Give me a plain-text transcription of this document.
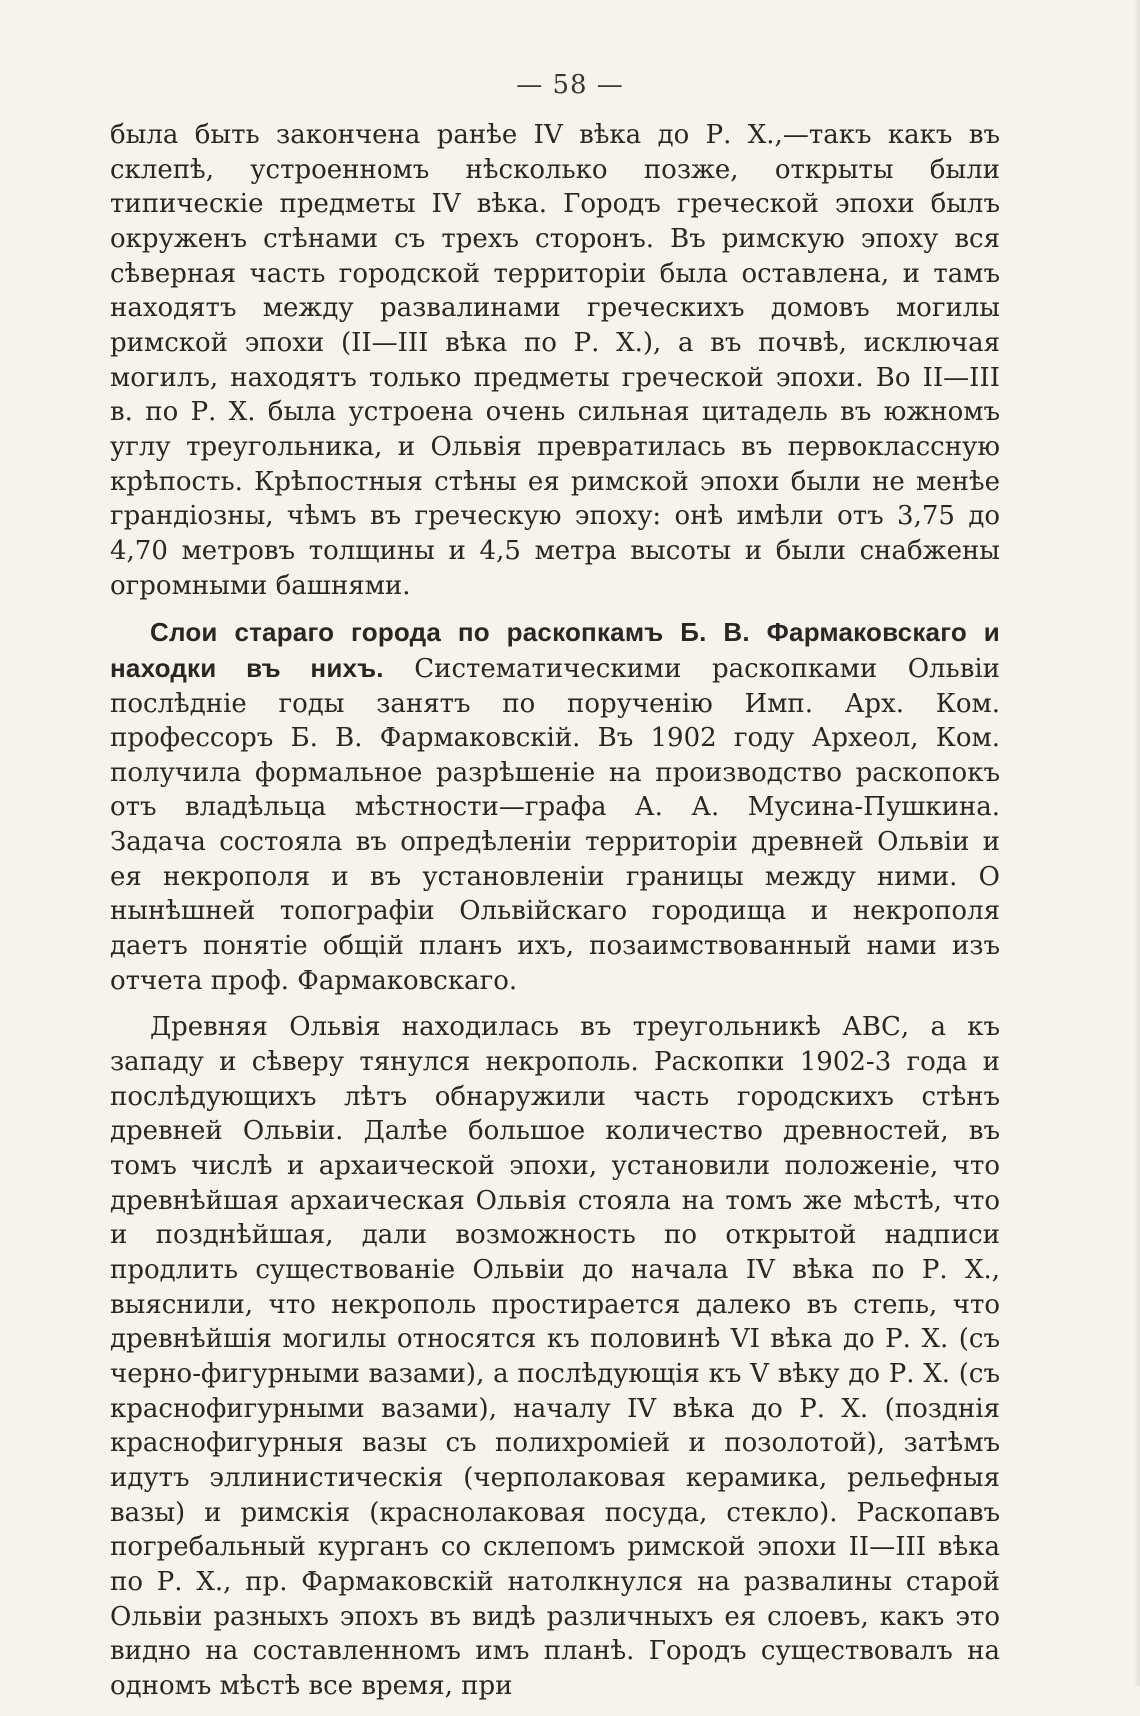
— 58 —

была быть закончена ранѣе IV вѣка до Р. Х.,—такъ какъ въ склепѣ, устроенномъ нѣсколько позже, открыты были типическіе предметы IV вѣка. Городъ греческой эпохи былъ окруженъ стѣнами съ трехъ сторонъ. Въ римскую эпоху вся сѣверная часть городской территоріи была оставлена, и тамъ находятъ между развалинами греческихъ домовъ могилы римской эпохи (II—III вѣка по Р. Х.), а въ почвѣ, исключая могилъ, находятъ только предметы греческой эпохи. Во II—III в. по Р. Х. была устроена очень сильная цитадель въ южномъ углу треугольника, и Ольвія превратилась въ первоклассную крѣпость. Крѣпостныя стѣны ея римской эпохи были не менѣе грандіозны, чѣмъ въ греческую эпоху: онѣ имѣли отъ 3,75 до 4,70 метровъ толщины и 4,5 метра высоты и были снабжены огромными башнями.

Слои стараго города по раскопкамъ Б. В. Фармаковскаго и находки въ нихъ. Систематическими раскопками Ольвіи послѣдніе годы занятъ по порученію Имп. Арх. Ком. профессоръ Б. В. Фармаковскій. Въ 1902 году Археол, Ком. получила формальное разрѣшеніе на производство раскопокъ отъ владѣльца мѣстности—графа А. А. Мусина-Пушкина. Задача состояла въ опредѣленіи территоріи древней Ольвіи и ея некрополя и въ установленіи границы между ними. О нынѣшней топографіи Ольвійскаго городища и некрополя даетъ понятіе общій планъ ихъ, позаимствованный нами изъ отчета проф. Фармаковскаго.

Древняя Ольвія находилась въ треугольникѣ АВС, а къ западу и сѣверу тянулся некрополь. Раскопки 1902-3 года и послѣдующихъ лѣтъ обнаружили часть городскихъ стѣнъ древней Ольвіи. Далѣе большое количество древностей, въ томъ числѣ и архаической эпохи, установили положеніе, что древнѣйшая архаическая Ольвія стояла на томъ же мѣстѣ, что и позднѣйшая, дали возможность по открытой надписи продлить существованіе Ольвіи до начала IV вѣка по Р. Х., выяснили, что некрополь простирается далеко въ степь, что древнѣйшія могилы относятся къ половинѣ VI вѣка до Р. Х. (съ черно-фигурными вазами), а послѣдующія къ V вѣку до Р. Х. (съ краснофигурными вазами), началу IV вѣка до Р. Х. (позднія краснофигурныя вазы съ полихроміей и позолотой), затѣмъ идутъ эллинистическія (черполаковая керамика, рельефныя вазы) и римскія (краснолаковая посуда, стекло). Раскопавъ погребальный курганъ со склепомъ римской эпохи II—III вѣка по Р. Х., пр. Фармаковскій натолкнулся на развалины старой Ольвіи разныхъ эпохъ въ видѣ различныхъ ея слоевъ, какъ это видно на составленномъ имъ планѣ. Городъ существовалъ на одномъ мѣстѣ все время, при
